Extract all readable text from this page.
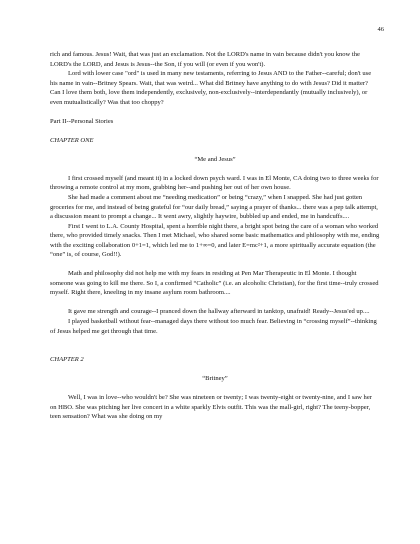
46

rich and famous. Jesus! Wait, that was just an exclamation. Not the LORD's name in vain because didn't you know the LORD's the LORD, and Jesus is Jesus--the Son, if you will (or even if you won't).

Lord with lower case "ord" is used in many new testaments, referring to Jesus AND to the Father--careful; don't use his name in vain--Britney Spears. Wait, that was weird... What did Britney have anything to do with Jesus? Did it matter? Can I love them both, love them independently, exclusively, non-exclusively--interdependantly (mutually inclusively), or even mutualistically? Was that too choppy?

Part II--Personal Stories

CHAPTER ONE

“Me and Jesus”

I first crossed myself (and meant it) in a locked down psych ward. I was in El Monte, CA doing two to three weeks for throwing a remote control at my mom, grabbing her--and pushing her out of her own house.

She had made a comment about me “needing medication” or being “crazy,” when I snapped. She had just gotten groceries for me, and instead of being grateful for “our daily bread,” saying a prayer of thanks... there was a pep talk attempt, a discussion meant to prompt a change... It went awry, slightly haywire, bubbled up and ended, me in handcuffs....

First I went to L.A. County Hospital, spent a horrible night there, a bright spot being the care of a woman who worked there, who provided timely snacks. Then I met Michael, who shared some basic mathematics and philosophy with me, ending with the exciting collaboration 0+1=1, which led me to 1+∞=0, and later E=mc²+1, a more spiritually accurate equation (the “one” is, of course, God!!).

Math and philosophy did not help me with my fears in residing at Pen Mar Therapeutic in El Monte. I thought someone was going to kill me there. So I, a confirmed “Catholic” (i.e. an alcoholic Christian), for the first time--truly crossed myself. Right there, kneeling in my insane asylum room bathroom....

It gave me strength and courage--I pranced down the hallway afterward in tanktop, unafraid! Ready--Jesus'ed up....

I played basketball without fear--managed days there without too much fear. Believing in “crossing myself”--thinking of Jesus helped me get through that time.

CHAPTER 2

“Britney”

Well, I was in love--who wouldn't be? She was nineteen or twenty; I was twenty-eight or twenty-nine, and I saw her on HBO. She was pitching her live concert in a white sparkly Elvis outfit. This was the mall-girl, right? The teeny-bopper, teen sensation? What was she doing on my
